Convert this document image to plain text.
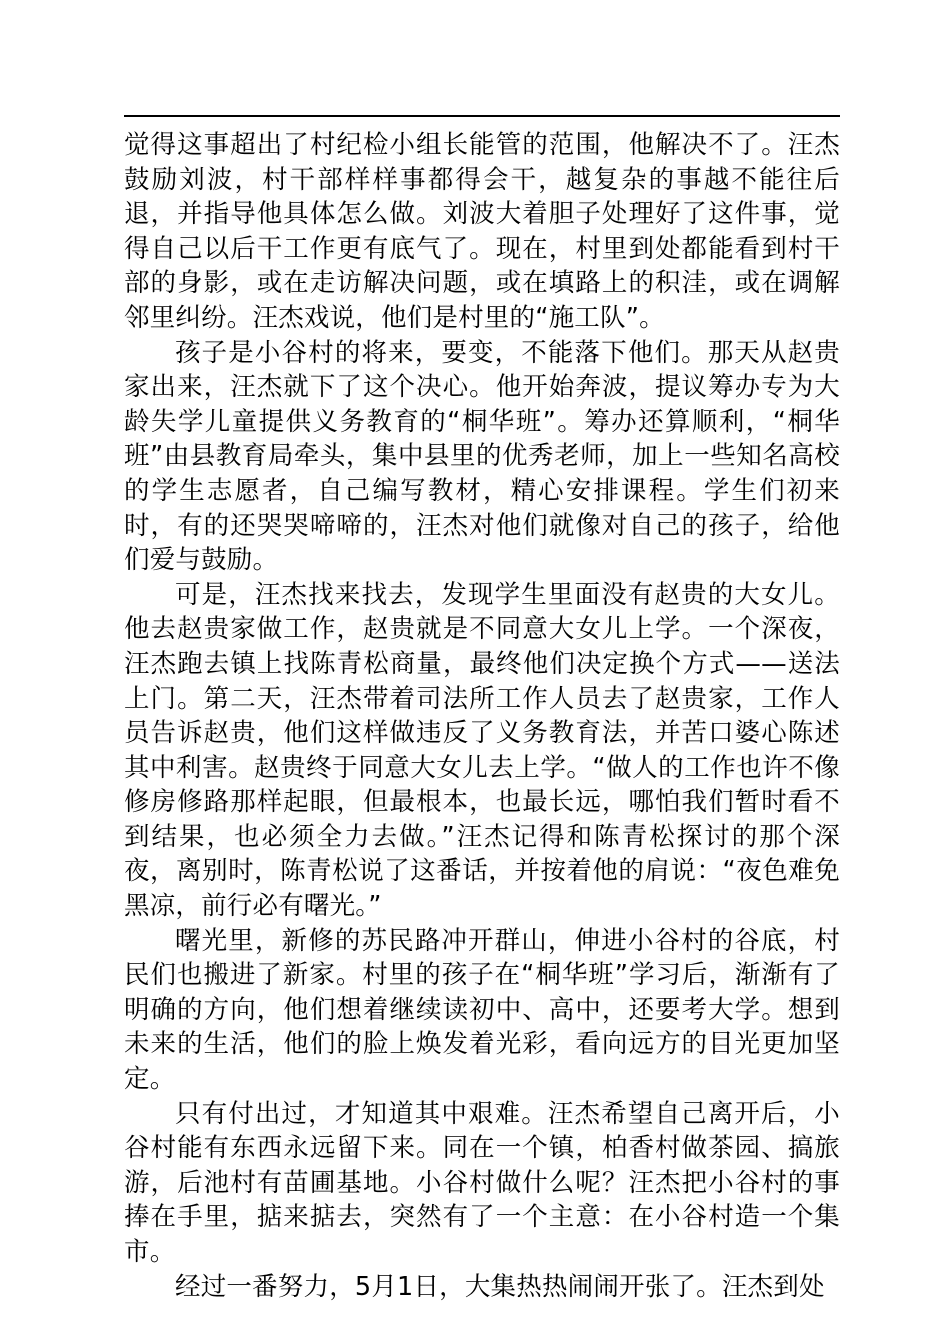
觉得这事超出了村纪检小组长能管的范围，他解决不了。汪杰鼓励刘波，村干部样样事都得会干，越复杂的事越不能往后退，并指导他具体怎么做。刘波大着胆子处理好了这件事，觉得自己以后干工作更有底气了。现在，村里到处都能看到村干部的身影，或在走访解决问题，或在填路上的积洼，或在调解邻里纠纷。汪杰戏说，他们是村里的“施工队”。

孩子是小谷村的将来，要变，不能落下他们。那天从赵贵家出来，汪杰就下了这个决心。他开始奔波，提议筹办专为大龄失学儿童提供义务教育的“桐华班”。筹办还算顺利，“桐华班”由县教育局牵头，集中县里的优秀老师，加上一些知名高校的学生志愿者，自己编写教材，精心安排课程。学生们初来时，有的还哭哭啼啼的，汪杰对他们就像对自己的孩子，给他们爱与鼓励。

可是，汪杰找来找去，发现学生里面没有赵贵的大女儿。他去赵贵家做工作，赵贵就是不同意大女儿上学。一个深夜，汪杰跑去镇上找陈青松商量，最终他们决定换个方式——送法上门。第二天，汪杰带着司法所工作人员去了赵贵家，工作人员告诉赵贵，他们这样做违反了义务教育法，并苦口婆心陈述其中利害。赵贵终于同意大女儿去上学。“做人的工作也许不像修房修路那样起眼，但最根本，也最长远，哪怕我们暂时看不到结果，也必须全力去做。”汪杰记得和陈青松探讨的那个深夜，离别时，陈青松说了这番话，并按着他的肩说：“夜色难免黑凉，前行必有曙光。”

曙光里，新修的苏民路冲开群山，伸进小谷村的谷底，村民们也搬进了新家。村里的孩子在“桐华班”学习后，渐渐有了明确的方向，他们想着继续读初中、高中，还要考大学。想到未来的生活，他们的脸上焕发着光彩，看向远方的目光更加坚定。

只有付出过，才知道其中艰难。汪杰希望自己离开后，小谷村能有东西永远留下来。同在一个镇，柏香村做茶园、搞旅游，后池村有苗圃基地。小谷村做什么呢？汪杰把小谷村的事捧在手里，掂来掂去，突然有了一个主意：在小谷村造一个集市。

经过一番努力，5月1日，大集热热闹闹开张了。汪杰到处
